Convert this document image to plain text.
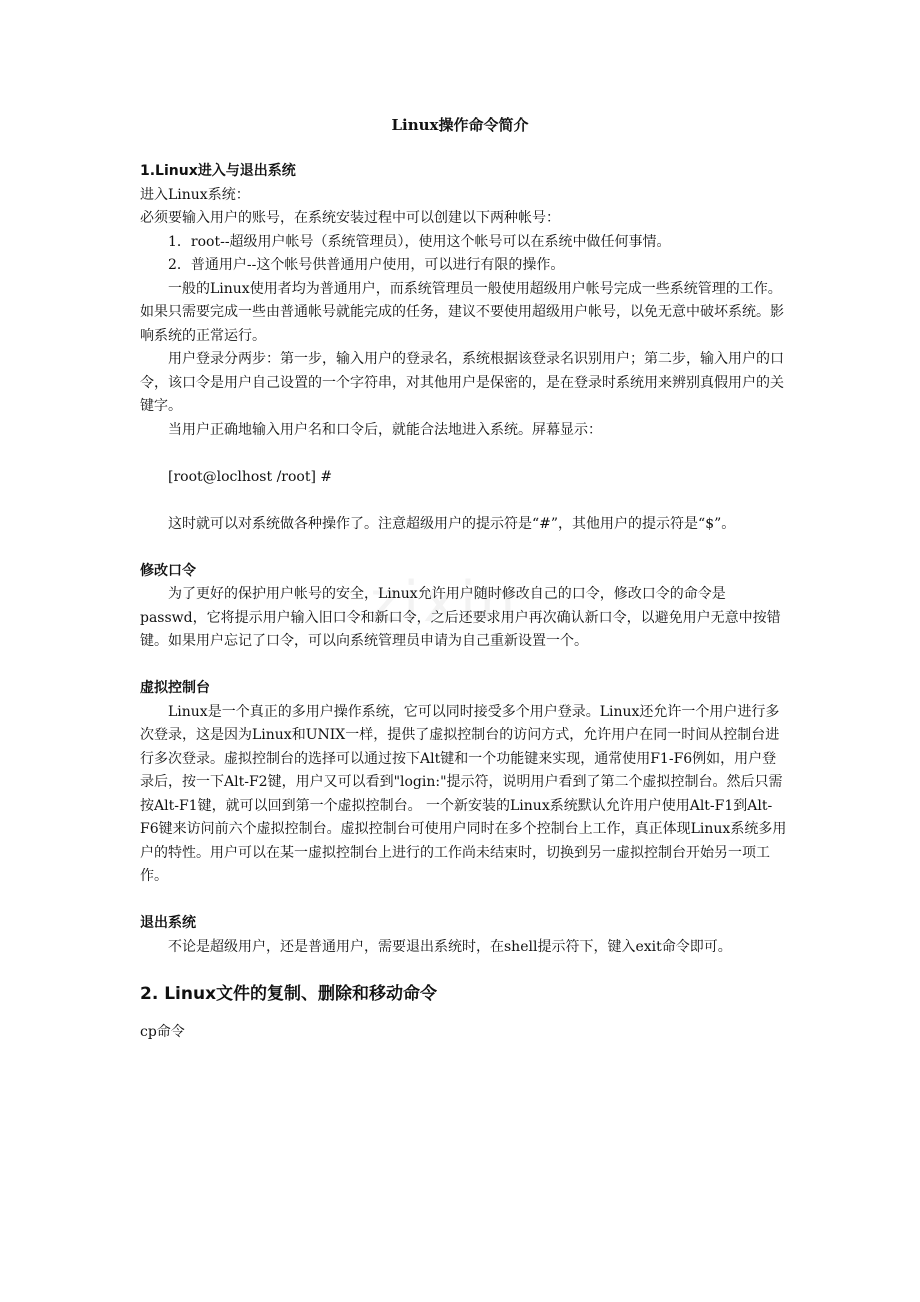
zixin
Linux操作命令简介

1.Linux进入与退出系统

进入Linux系统：

必须要输入用户的账号，在系统安装过程中可以创建以下两种帐号：

1．root--超级用户帐号（系统管理员），使用这个帐号可以在系统中做任何事情。

2．普通用户--这个帐号供普通用户使用，可以进行有限的操作。

一般的Linux使用者均为普通用户，而系统管理员一般使用超级用户帐号完成一些系统管理的工作。如果只需要完成一些由普通帐号就能完成的任务，建议不要使用超级用户帐号，以免无意中破坏系统。影响系统的正常运行。

用户登录分两步：第一步，输入用户的登录名，系统根据该登录名识别用户；第二步，输入用户的口令，该口令是用户自己设置的一个字符串，对其他用户是保密的，是在登录时系统用来辨别真假用户的关键字。

当用户正确地输入用户名和口令后，就能合法地进入系统。屏幕显示：

[root@loclhost /root] #

这时就可以对系统做各种操作了。注意超级用户的提示符是“#”，其他用户的提示符是“$”。

修改口令

为了更好的保护用户帐号的安全，Linux允许用户随时修改自己的口令，修改口令的命令是passwd，它将提示用户输入旧口令和新口令，之后还要求用户再次确认新口令，以避免用户无意中按错键。如果用户忘记了口令，可以向系统管理员申请为自己重新设置一个。

虚拟控制台

Linux是一个真正的多用户操作系统，它可以同时接受多个用户登录。Linux还允许一个用户进行多次登录，这是因为Linux和UNIX一样，提供了虚拟控制台的访问方式，允许用户在同一时间从控制台进行多次登录。虚拟控制台的选择可以通过按下Alt键和一个功能键来实现，通常使用F1-F6例如，用户登录后，按一下Alt-F2键，用户又可以看到"login:"提示符，说明用户看到了第二个虚拟控制台。然后只需按Alt-F1键，就可以回到第一个虚拟控制台。 一个新安装的Linux系统默认允许用户使用Alt-F1到Alt-F6键来访问前六个虚拟控制台。虚拟控制台可使用户同时在多个控制台上工作，真正体现Linux系统多用户的特性。用户可以在某一虚拟控制台上进行的工作尚未结束时，切换到另一虚拟控制台开始另一项工作。

退出系统

不论是超级用户，还是普通用户，需要退出系统时，在shell提示符下，键入exit命令即可。

2. Linux文件的复制、删除和移动命令

cp命令
